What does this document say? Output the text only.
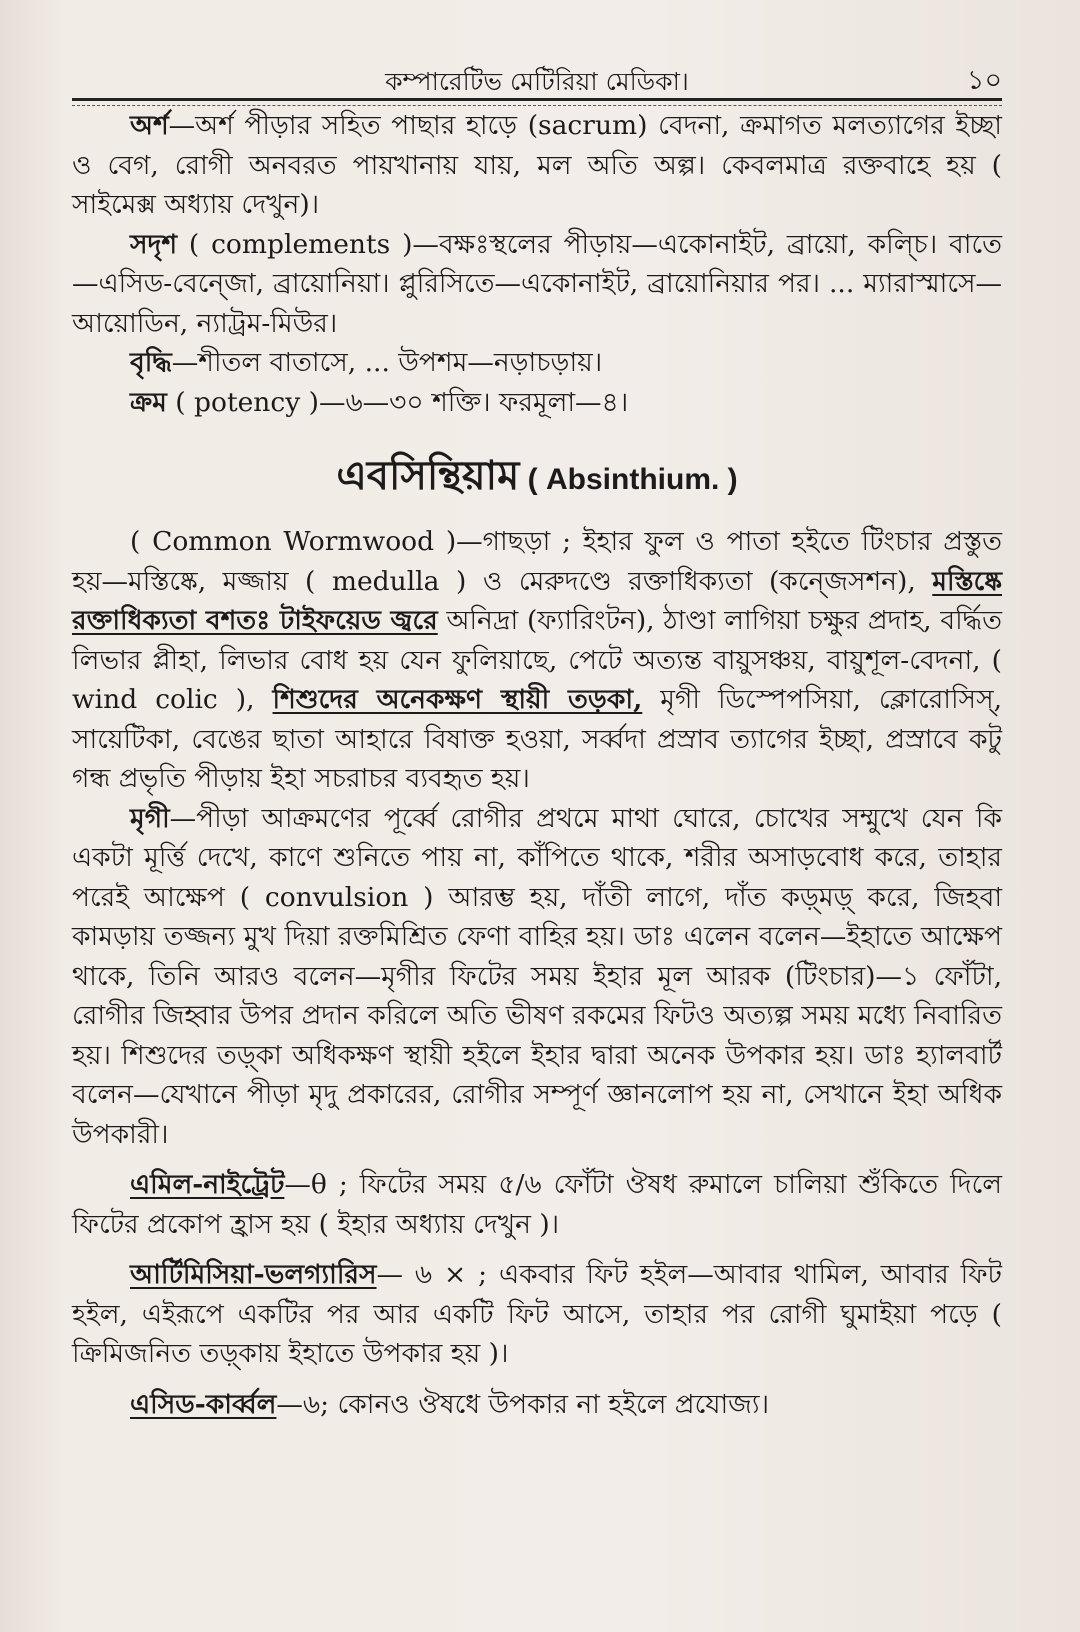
কম্পারেটিভ মেটিরিয়া মেডিকা।	১০

অর্শ—অর্শ পীড়ার সহিত পাছার হাড়ে (sacrum) বেদনা, ক্রমাগত মলত্যাগের ইচ্ছা ও বেগ, রোগী অনবরত পায়খানায় যায়, মল অতি অল্প। কেবলমাত্র রক্তবাহে হয় ( সাইমেক্স অধ্যায় দেখুন)।

সদৃশ ( complements )—বক্ষঃস্থলের পীড়ায়—একোনাইট, ব্রায়ো, কল্চি। বাতে—এসিড-বেন্জো, ব্রায়োনিয়া। প্লুরিসিতে—একোনাইট, ব্রায়োনিয়ার পর। ... ম্যারাস্মাসে—আয়োডিন, ন্যাট্রম-মিউর।

বৃদ্ধি—শীতল বাতাসে, ... উপশম—নড়াচড়ায়।

ক্রম ( potency )—৬—৩০ শক্তি। ফরমূলা—৪।

এবসিন্থিয়াম ( Absinthium. )

( Common Wormwood )—গাছড়া ; ইহার ফুল ও পাতা হইতে টিংচার প্রস্তুত হয়—মস্তিষ্কে, মজ্জায় ( medulla ) ও মেরুদণ্ডে রক্তাধিক্যতা (কন্জেসশন), মস্তিষ্কে রক্তাধিক্যতা বশতঃ টাইফয়েড জ্বরে অনিদ্রা (ফ্যারিংটন), ঠাণ্ডা লাগিয়া চক্ষুর প্রদাহ, বর্দ্ধিত লিভার প্লীহা, লিভার বোধ হয় যেন ফুলিয়াছে, পেটে অত্যন্ত বায়ুসঞ্চয়, বায়ুশূল-বেদনা, ( wind colic ), শিশুদের অনেকক্ষণ স্থায়ী তড়কা, মৃগী ডিস্পেপসিয়া, ক্লোরোসিস্, সায়েটিকা, বেঙের ছাতা আহারে বিষাক্ত হওয়া, সর্ব্বদা প্রস্রাব ত্যাগের ইচ্ছা, প্রস্রাবে কটু গন্ধ প্রভৃতি পীড়ায় ইহা সচরাচর ব্যবহৃত হয়।

মৃগী—পীড়া আক্রমণের পূর্ব্বে রোগীর প্রথমে মাথা ঘোরে, চোখের সম্মুখে যেন কি একটা মূর্ত্তি দেখে, কাণে শুনিতে পায় না, কাঁপিতে থাকে, শরীর অসাড়বোধ করে, তাহার পরেই আক্ষেপ ( convulsion ) আরম্ভ হয়, দাঁতী লাগে, দাঁত কড়্মড়্ করে, জিহবা কামড়ায় তজ্জন্য মুখ দিয়া রক্তমিশ্রিত ফেণা বাহির হয়। ডাঃ এলেন বলেন—ইহাতে আক্ষেপ থাকে, তিনি আরও বলেন—মৃগীর ফিটের সময় ইহার মূল আরক (টিংচার)—১ ফোঁটা, রোগীর জিহ্বার উপর প্রদান করিলে অতি ভীষণ রকমের ফিটও অত্যল্প সময় মধ্যে নিবারিত হয়। শিশুদের তড়্কা অধিকক্ষণ স্থায়ী হইলে ইহার দ্বারা অনেক উপকার হয়। ডাঃ হ্যালবার্ট বলেন—যেখানে পীড়া মৃদু প্রকারের, রোগীর সম্পূর্ণ জ্ঞানলোপ হয় না, সেখানে ইহা অধিক উপকারী।

এমিল-নাইট্রেট—θ ; ফিটের সময় ৫/৬ ফোঁটা ঔষধ রুমালে চালিয়া শুঁকিতে দিলে ফিটের প্রকোপ হ্রাস হয় ( ইহার অধ্যায় দেখুন )।

আর্টিমিসিয়া-ভলগ্যারিস— ৬ × ; একবার ফিট হইল—আবার থামিল, আবার ফিট হইল, এইরূপে একটির পর আর একটি ফিট আসে, তাহার পর রোগী ঘুমাইয়া পড়ে ( ক্রিমিজনিত তড়্কায় ইহাতে উপকার হয় )।

এসিড-কার্ব্বল—৬; কোনও ঔষধে উপকার না হইলে প্রযোজ্য।
